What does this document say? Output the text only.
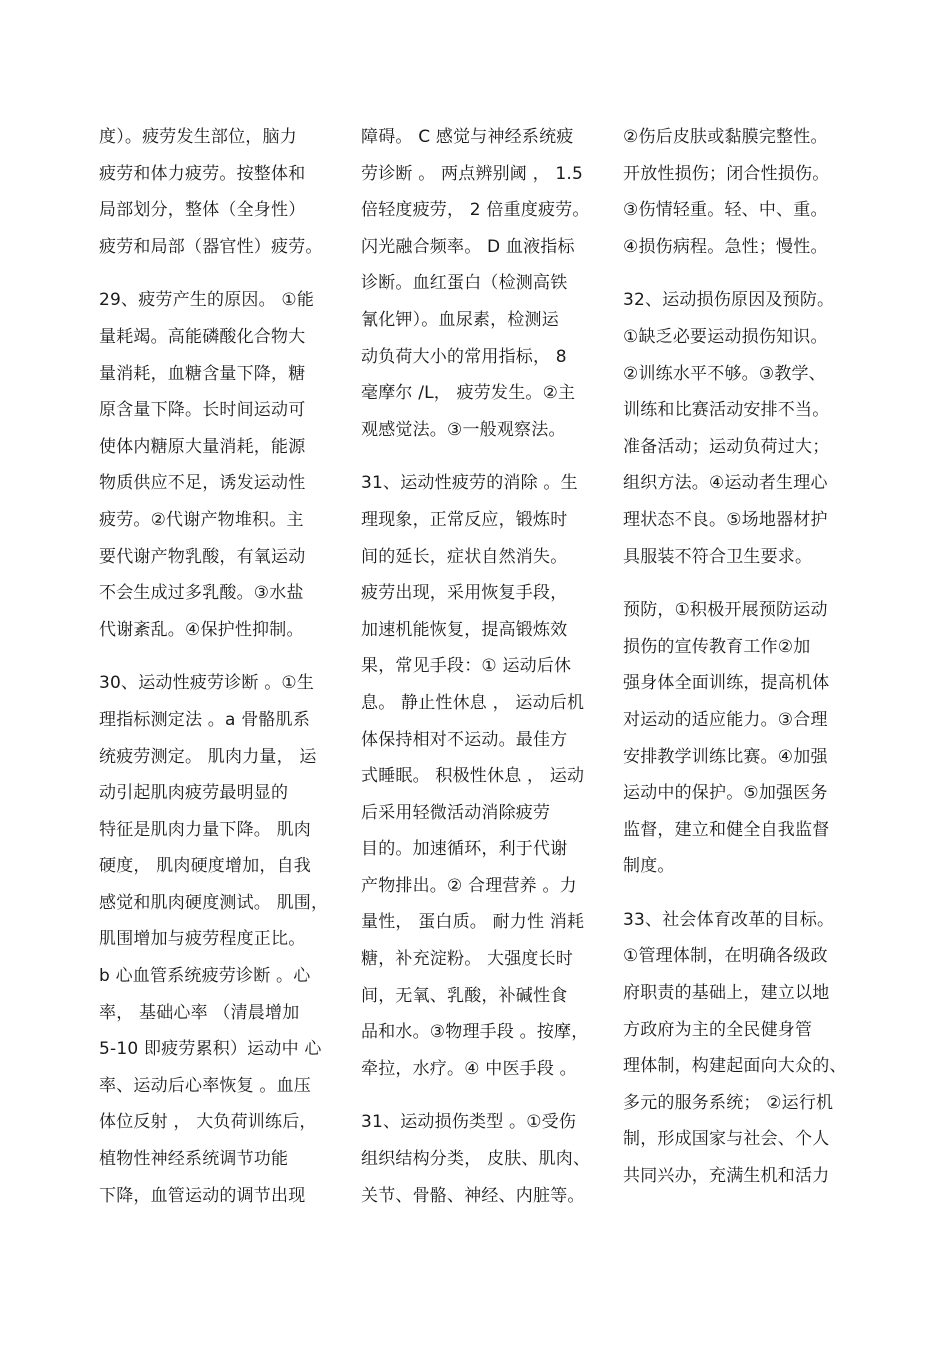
度）。疲劳发生部位，脑力
疲劳和体力疲劳。按整体和
局部划分，整体（全身性）
疲劳和局部（器官性）疲劳。
29、疲劳产生的原因。 ①能
量耗竭。高能磷酸化合物大
量消耗，血糖含量下降，糖
原含量下降。长时间运动可
使体内糖原大量消耗，能源
物质供应不足，诱发运动性
疲劳。②代谢产物堆积。主
要代谢产物乳酸，有氧运动
不会生成过多乳酸。③水盐
代谢紊乱。④保护性抑制。
30、运动性疲劳诊断 。①生
理指标测定法 。a 骨骼肌系
统疲劳测定。 肌肉力量， 运
动引起肌肉疲劳最明显的
特征是肌肉力量下降。 肌肉
硬度， 肌肉硬度增加，自我
感觉和肌肉硬度测试。 肌围，
肌围增加与疲劳程度正比。
b 心血管系统疲劳诊断 。心
率， 基础心率 （清晨增加
5-10 即疲劳累积）运动中 心
率、运动后心率恢复 。血压
体位反射 ， 大负荷训练后，
植物性神经系统调节功能
下降，血管运动的调节出现
障碍。 C 感觉与神经系统疲
劳诊断 。 两点辨别阈 ， 1.5
倍轻度疲劳， 2 倍重度疲劳。
闪光融合频率。 D 血液指标
诊断。血红蛋白（检测高铁
氰化钾）。血尿素，检测运
动负荷大小的常用指标， 8
毫摩尔 /L， 疲劳发生。②主
观感觉法。③一般观察法。
31、运动性疲劳的消除 。生
理现象，正常反应，锻炼时
间的延长，症状自然消失。
疲劳出现，采用恢复手段，
加速机能恢复，提高锻炼效
果，常见手段：① 运动后休
息。 静止性休息 ， 运动后机
体保持相对不运动。最佳方
式睡眠。 积极性休息 ， 运动
后采用轻微活动消除疲劳
目的。加速循环，利于代谢
产物排出。② 合理营养 。力
量性， 蛋白质。 耐力性 消耗
糖，补充淀粉。 大强度长时
间，无氧、乳酸，补碱性食
品和水。③物理手段 。按摩，
牵拉，水疗。④ 中医手段 。
31、运动损伤类型 。①受伤
组织结构分类， 皮肤、肌肉、
关节、骨骼、神经、内脏等。
②伤后皮肤或黏膜完整性。
开放性损伤；闭合性损伤。
③伤情轻重。轻、中、重。
④损伤病程。急性；慢性。
32、运动损伤原因及预防。
①缺乏必要运动损伤知识。
②训练水平不够。③教学、
训练和比赛活动安排不当。
准备活动；运动负荷过大；
组织方法。④运动者生理心
理状态不良。⑤场地器材护
具服装不符合卫生要求。
预防，①积极开展预防运动
损伤的宣传教育工作②加
强身体全面训练，提高机体
对运动的适应能力。③合理
安排教学训练比赛。④加强
运动中的保护。⑤加强医务
监督，建立和健全自我监督
制度。
33、社会体育改革的目标。
①管理体制，在明确各级政
府职责的基础上，建立以地
方政府为主的全民健身管
理体制，构建起面向大众的、
多元的服务系统； ②运行机
制，形成国家与社会、个人
共同兴办，充满生机和活力
